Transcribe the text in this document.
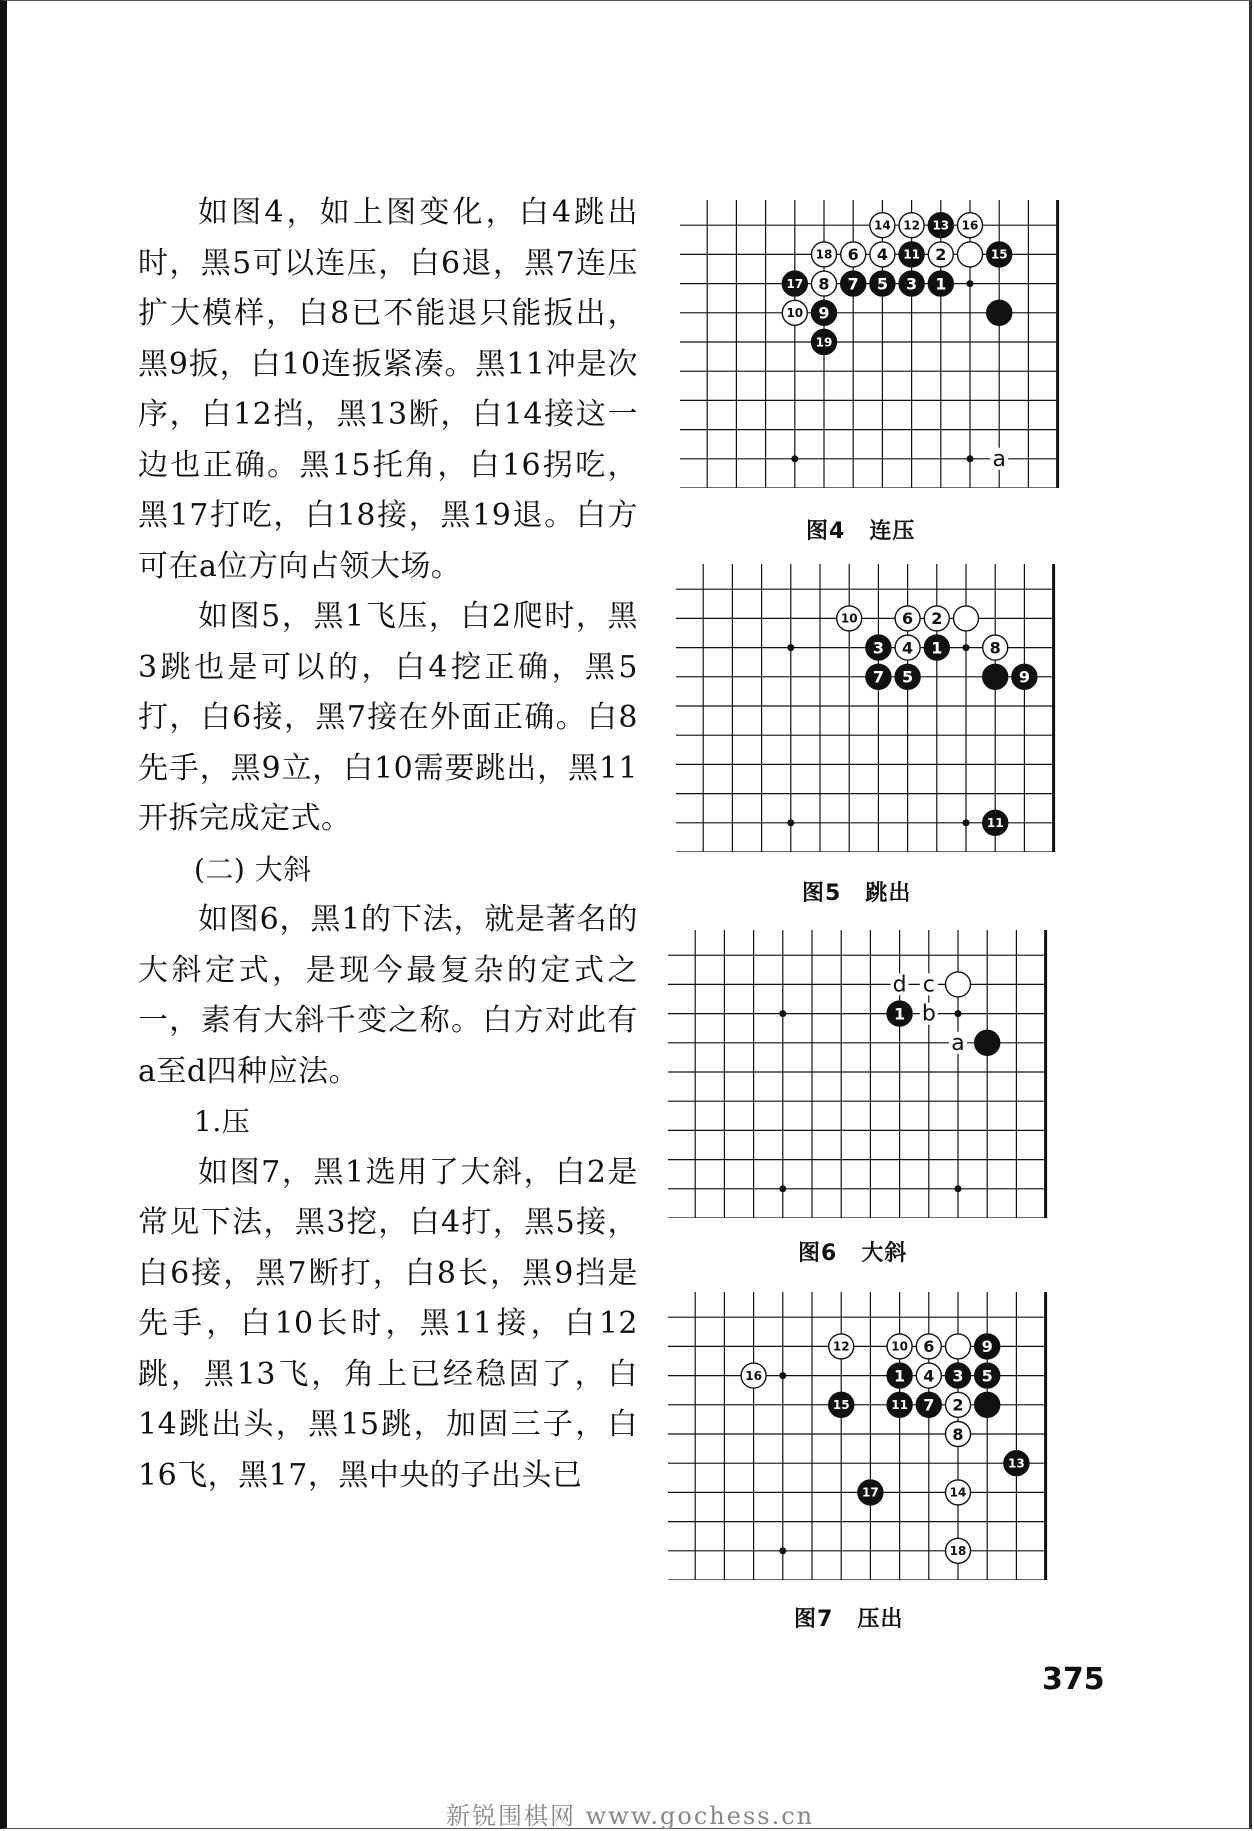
如图4，如上图变化，白4跳出时，黑5可以连压，白6退，黑7连压扩大模样，白8已不能退只能扳出，黑9扳，白10连扳紧凑。黑11冲是次序，白12挡，黑13断，白14接这一边也正确。黑15托角，白16拐吃，黑17打吃，白18接，黑19退。白方可在a位方向占领大场。

如图5，黑1飞压，白2爬时，黑3跳也是可以的，白4挖正确，黑5打，白6接，黑7接在外面正确。白8先手，黑9立，白10需要跳出，黑11开拆完成定式。

(二) 大斜

如图6，黑1的下法，就是著名的大斜定式，是现今最复杂的定式之一，素有大斜千变之称。白方对此有a至d四种应法。

1.压

如图7，黑1选用了大斜，白2是常见下法，黑3挖，白4打，黑5接，白6接，黑7断打，白8长，黑9挡是先手，白10长时，黑11接，白12跳，黑13飞，角上已经稳固了，白14跳出头，黑15跳，加固三子，白16飞，黑17，黑中央的子出头已

a
14 12 13 16
18 6 4 11 2	15
17 8 7 5 3 1
10 9
19
图4 连压
10	6 2
3 4 1	8
7 5	9
11
图5 跳出
d c
b
a
1
图6 大斜
12	10 6	9
16	1 4 3 5
15	11 7 2
8
13
17	14
18
图7 压出
375
新锐围棋网 www.gochess.cn
